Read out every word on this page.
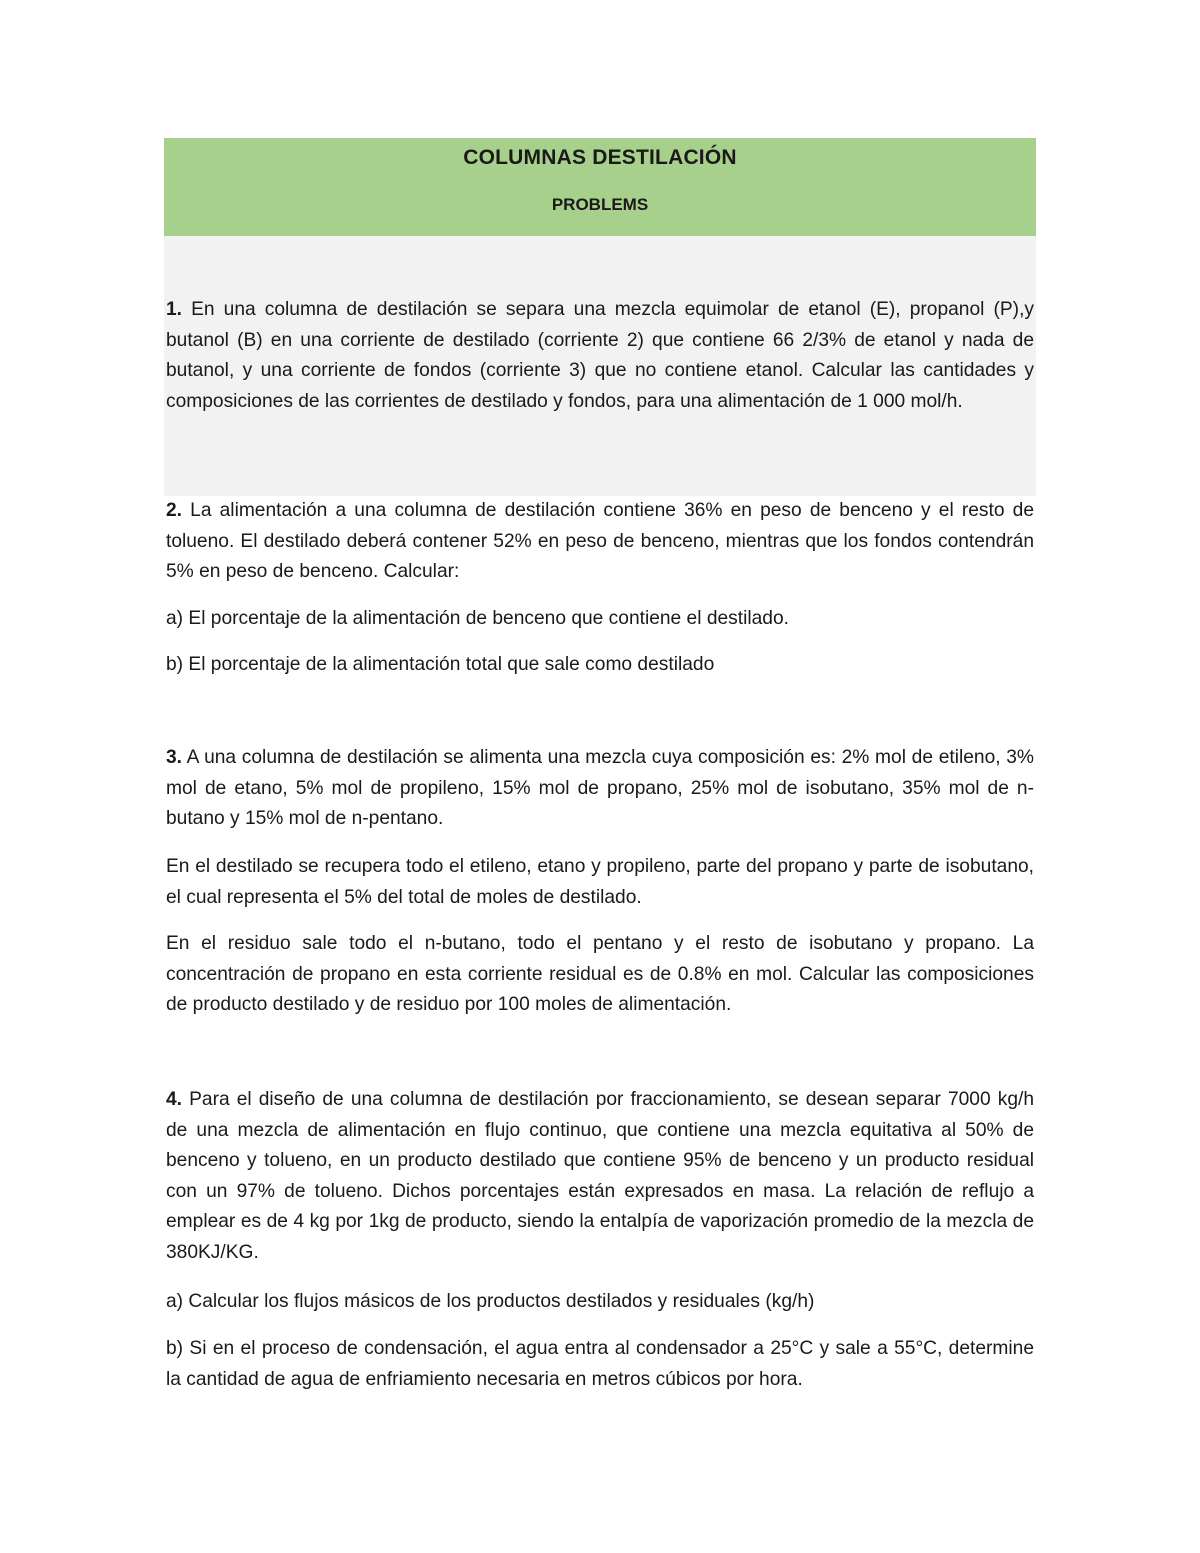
COLUMNAS DESTILACIÓN
PROBLEMS
1. En una columna de destilación se separa una mezcla equimolar de etanol (E), propanol (P),y butanol (B) en una corriente de destilado (corriente 2) que contiene 66 2/3% de etanol y nada de butanol, y una corriente de fondos (corriente 3) que no contiene etanol. Calcular las cantidades y composiciones de las corrientes de destilado y fondos, para una alimentación de 1 000 mol/h.
2. La alimentación a una columna de destilación contiene 36% en peso de benceno y el resto de tolueno. El destilado deberá contener 52% en peso de benceno, mientras que los fondos contendrán 5% en peso de benceno. Calcular:
a) El porcentaje de la alimentación de benceno que contiene el destilado.
b) El porcentaje de la alimentación total que sale como destilado
3. A una columna de destilación se alimenta una mezcla cuya composición es: 2% mol de etileno, 3% mol de etano, 5% mol de propileno, 15% mol de propano, 25% mol de isobutano, 35% mol de n-butano y 15% mol de n-pentano.
En el destilado se recupera todo el etileno, etano y propileno, parte del propano y parte de isobutano, el cual representa el 5% del total de moles de destilado.
En el residuo sale todo el n-butano, todo el pentano y el resto de isobutano y propano. La concentración de propano en esta corriente residual es de 0.8% en mol. Calcular las composiciones de producto destilado y de residuo por 100 moles de alimentación.
4. Para el diseño de una columna de destilación por fraccionamiento, se desean separar 7000 kg/h de una mezcla de alimentación en flujo continuo, que contiene una mezcla equitativa al 50% de benceno y tolueno, en un producto destilado que contiene 95% de benceno y un producto residual con un 97% de tolueno. Dichos porcentajes están expresados en masa. La relación de reflujo a emplear es de 4 kg por 1kg de producto, siendo la entalpía de vaporización promedio de la mezcla de 380KJ/KG.
a) Calcular los flujos másicos de los productos destilados y residuales (kg/h)
b) Si en el proceso de condensación, el agua entra al condensador a 25°C y sale a 55°C, determine la cantidad de agua de enfriamiento necesaria en metros cúbicos por hora.
